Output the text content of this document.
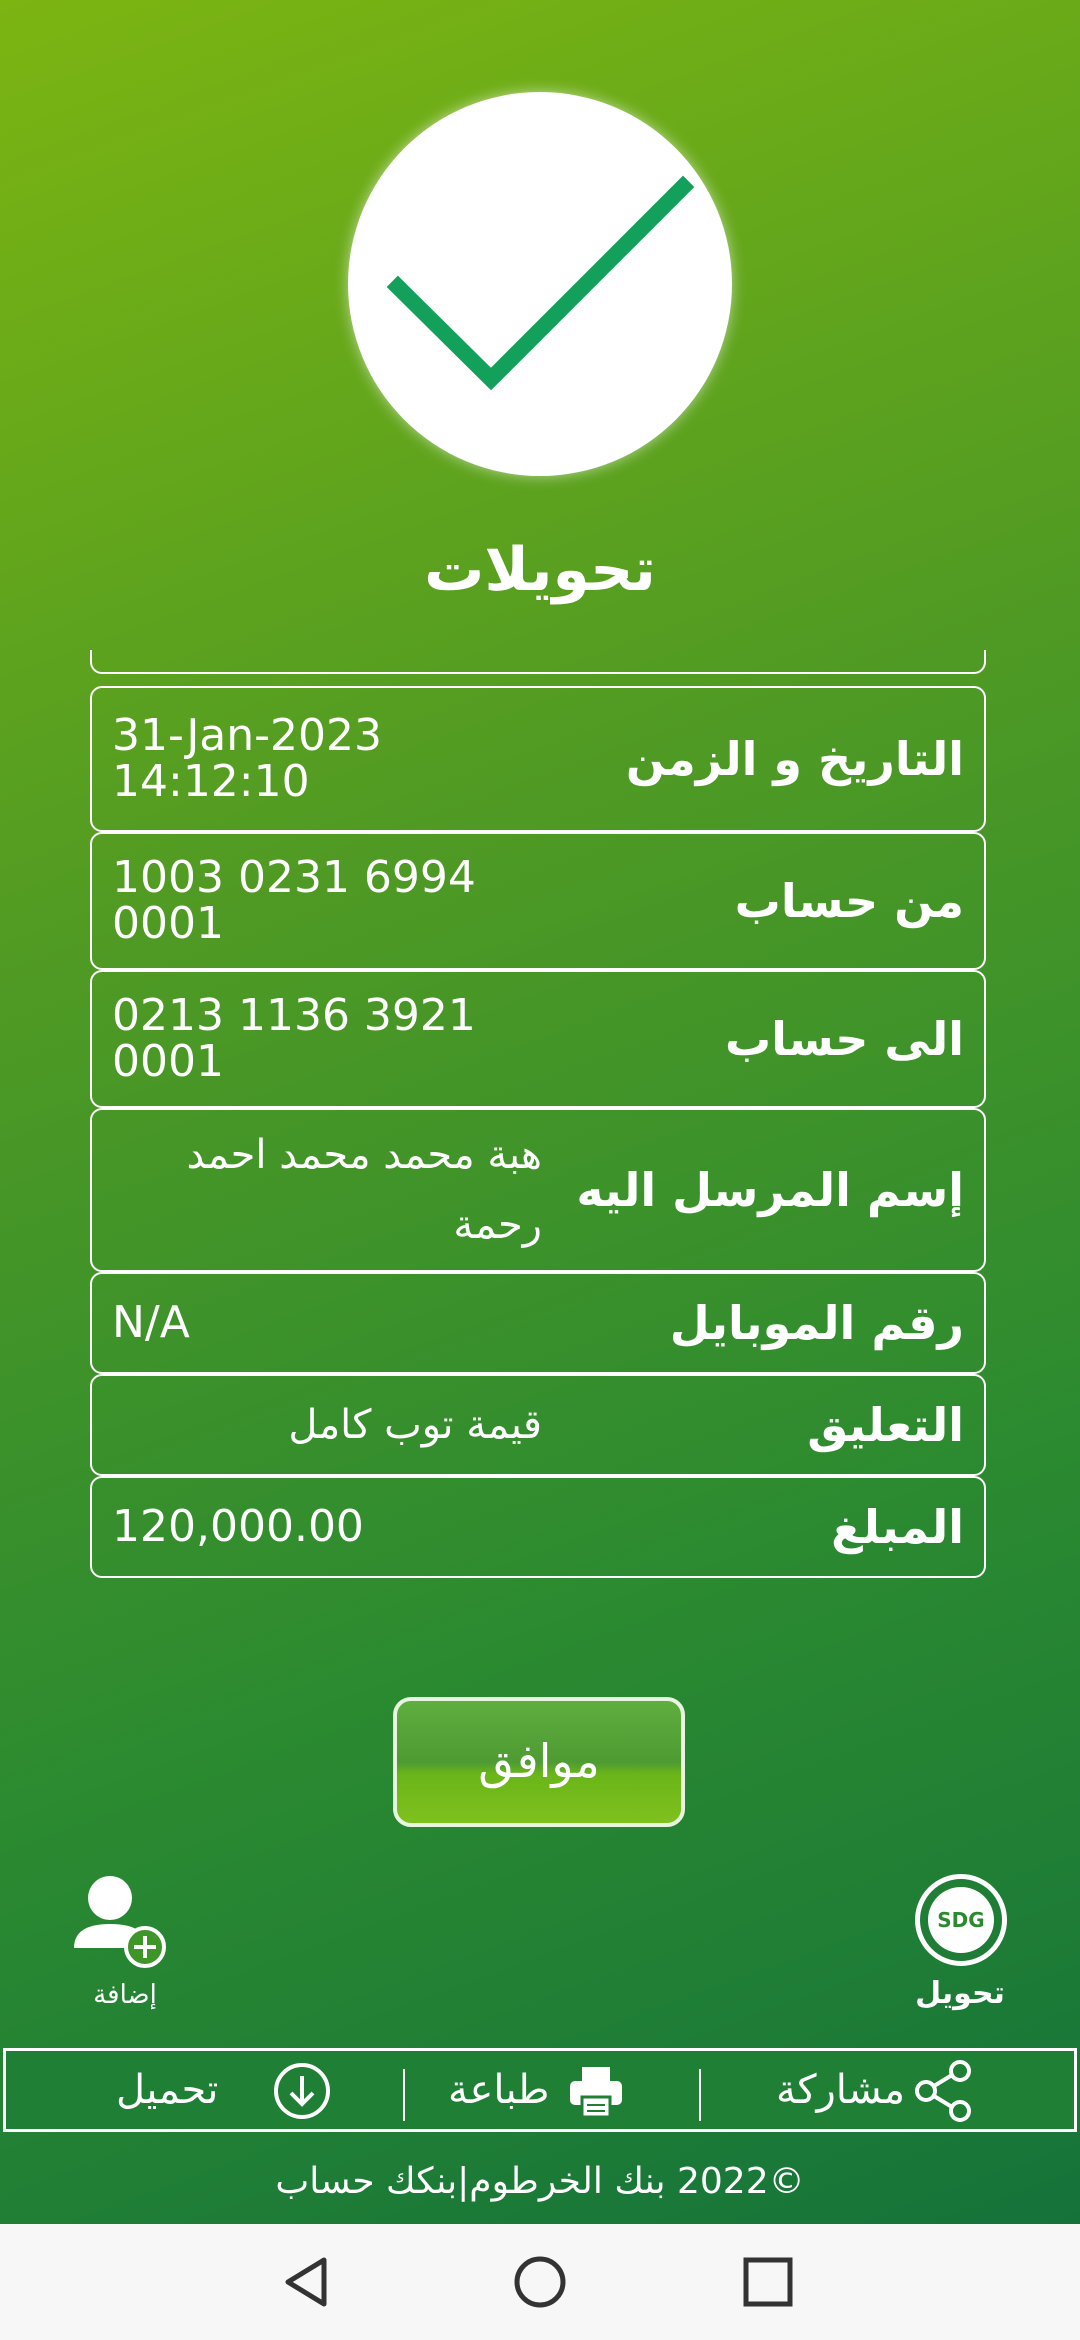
تحويلات
التاريخ و الزمن
31-Jan-2023
14:12:10
من حساب
1003 0231 6994
0001
الى حساب
0213 1136 3921
0001
إسم المرسل اليه
هبة محمد محمد احمد
رحمة
رقم الموبايل
N/A
التعليق
قيمة توب كامل
المبلغ
120,000.00
موافق
إضافة
SDG
تحويل
تحميل	طباعة	مشاركة
©2022 بنك الخرطوم|بنكك حساب
